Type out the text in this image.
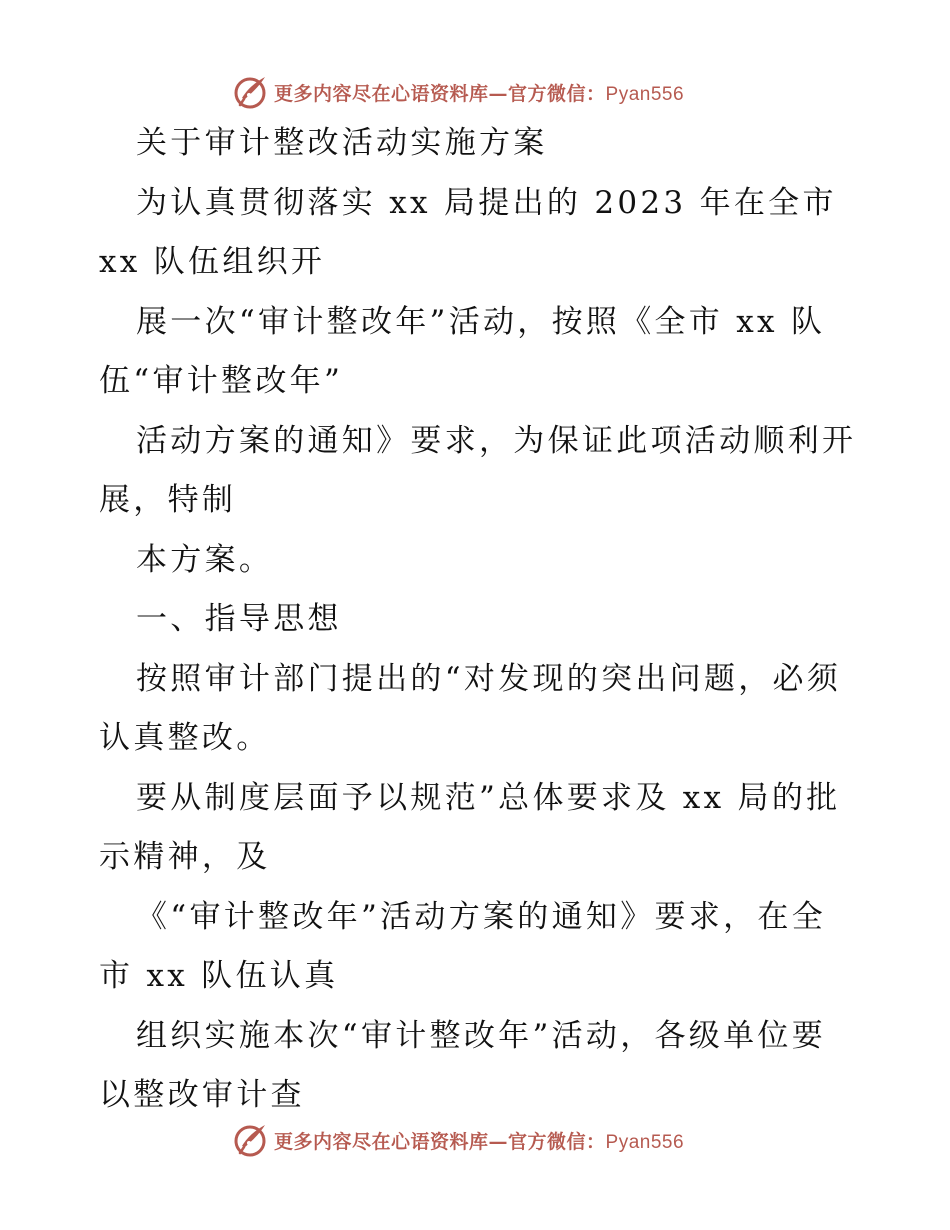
更多内容尽在心语资料库—官方微信：Pyan556
关于审计整改活动实施方案
为认真贯彻落实 xx 局提出的 2023 年在全市
xx 队伍组织开
展一次“审计整改年”活动，按照《全市 xx 队
伍“审计整改年”
活动方案的通知》要求，为保证此项活动顺利开
展，特制
本方案。
一、指导思想
按照审计部门提出的“对发现的突出问题，必须
认真整改。
要从制度层面予以规范”总体要求及 xx 局的批
示精神，及
《“审计整改年”活动方案的通知》要求，在全
市 xx 队伍认真
组织实施本次“审计整改年”活动，各级单位要
以整改审计查
更多内容尽在心语资料库—官方微信：Pyan556
